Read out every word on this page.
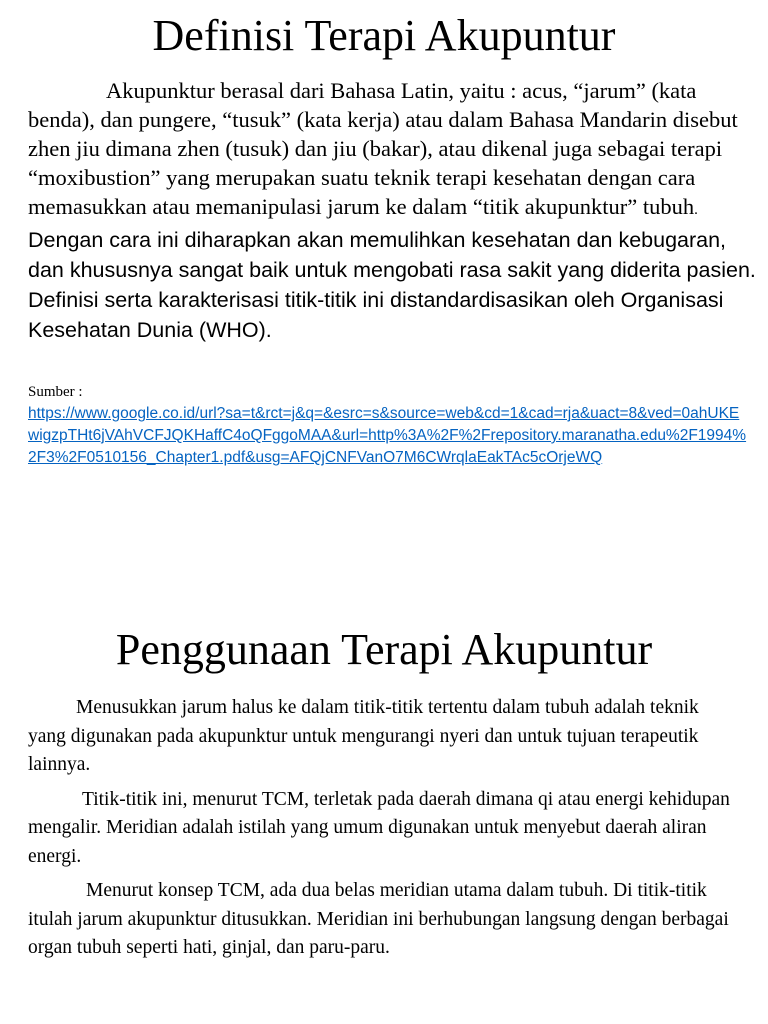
Definisi Terapi Akupuntur

Akupunktur berasal dari Bahasa Latin, yaitu : acus, “jarum” (kata benda), dan pungere, “tusuk” (kata kerja) atau dalam Bahasa Mandarin disebut zhen jiu dimana zhen (tusuk) dan jiu (bakar), atau dikenal juga sebagai terapi “moxibustion” yang merupakan suatu teknik terapi kesehatan dengan cara memasukkan atau memanipulasi jarum ke dalam “titik akupunktur” tubuh. Dengan cara ini diharapkan akan memulihkan kesehatan dan kebugaran, dan khususnya sangat baik untuk mengobati rasa sakit yang diderita pasien. Definisi serta karakterisasi titik-titik ini distandardisasikan oleh Organisasi Kesehatan Dunia (WHO).

Sumber :
https://www.google.co.id/url?sa=t&rct=j&q=&esrc=s&source=web&cd=1&cad=rja&uact=8&ved=0ahUKEwigzpTHt6jVAhVCFJQKHaffC4oQFggoMAA&url=http%3A%2F%2Frepository.maranatha.edu%2F1994%2F3%2F0510156_Chapter1.pdf&usg=AFQjCNFVanO7M6CWrqlaEakTAc5cOrjeWQ
Penggunaan Terapi Akupuntur

Menusukkan jarum halus ke dalam titik-titik tertentu dalam tubuh adalah teknik yang digunakan pada akupunktur untuk mengurangi nyeri dan untuk tujuan terapeutik lainnya.

Titik-titik ini, menurut TCM, terletak pada daerah dimana qi atau energi kehidupan mengalir. Meridian adalah istilah yang umum digunakan untuk menyebut daerah aliran energi.

Menurut konsep TCM, ada dua belas meridian utama dalam tubuh. Di titik-titik itulah jarum akupunktur ditusukkan. Meridian ini berhubungan langsung dengan berbagai organ tubuh seperti hati, ginjal, dan paru-paru.
